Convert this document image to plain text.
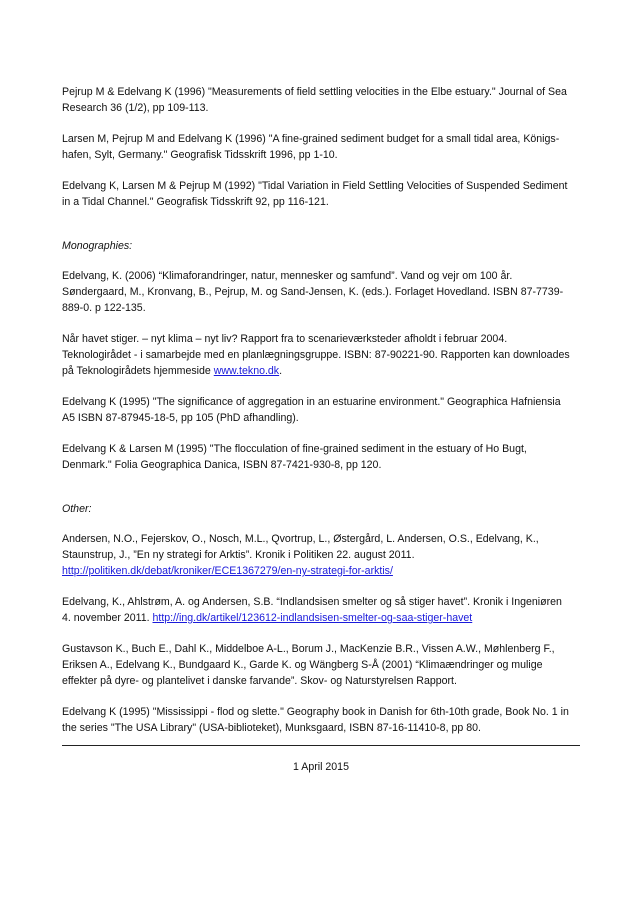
Pejrup M & Edelvang K (1996) "Measurements of field settling velocities in the Elbe estuary." Journal of Sea

Research 36 (1/2), pp 109-113.

Larsen M, Pejrup M and Edelvang K (1996) "A fine-grained sediment budget for a small tidal area, Königs-

hafen, Sylt, Germany." Geografisk Tidsskrift 1996, pp 1-10.

Edelvang K, Larsen M & Pejrup M (1992) "Tidal Variation in Field Settling Velocities of Suspended Sediment

in a Tidal Channel." Geografisk Tidsskrift 92, pp 116-121.

Monographies:

Edelvang, K. (2006) “Klimaforandringer, natur, mennesker og samfund”. Vand og vejr om 100 år.

Søndergaard, M., Kronvang, B., Pejrup, M. og Sand-Jensen, K. (eds.). Forlaget Hovedland. ISBN 87-7739-

889-0. p 122-135.

Når havet stiger. – nyt klima – nyt liv? Rapport fra to scenarieværksteder afholdt i februar 2004.

Teknologirådet - i samarbejde med en planlægningsgruppe. ISBN: 87-90221-90. Rapporten kan downloades

på Teknologirådets hjemmeside www.tekno.dk.

Edelvang K (1995) "The significance of aggregation in an estuarine environment." Geographica Hafniensia

A5 ISBN 87-87945-18-5, pp 105 (PhD afhandling).

Edelvang K & Larsen M (1995) "The flocculation of fine-grained sediment in the estuary of Ho Bugt,

Denmark." Folia Geographica Danica, ISBN 87-7421-930-8, pp 120.

Other:

Andersen, N.O., Fejerskov, O., Nosch, M.L., Qvortrup, L., Østergård, L. Andersen, O.S., Edelvang, K.,

Staunstrup, J., ”En ny strategi for Arktis”. Kronik i Politiken 22. august 2011.

http://politiken.dk/debat/kroniker/ECE1367279/en-ny-strategi-for-arktis/

Edelvang, K., Ahlstrøm, A. og Andersen, S.B. “Indlandsisen smelter og så stiger havet”. Kronik i Ingeniøren

4. november 2011. http://ing.dk/artikel/123612-indlandsisen-smelter-og-saa-stiger-havet

Gustavson K., Buch E., Dahl K., Middelboe A-L., Borum J., MacKenzie B.R., Vissen A.W., Møhlenberg F.,

Eriksen A., Edelvang K., Bundgaard K., Garde K. og Wängberg S-Å (2001) “Klimaændringer og mulige

effekter på dyre- og plantelivet i danske farvande”. Skov- og Naturstyrelsen Rapport.

Edelvang K (1995) "Mississippi - flod og slette." Geography book in Danish for 6th-10th grade, Book No. 1 in

the series "The USA Library" (USA-biblioteket), Munksgaard, ISBN 87-16-11410-8, pp 80.

1 April 2015
